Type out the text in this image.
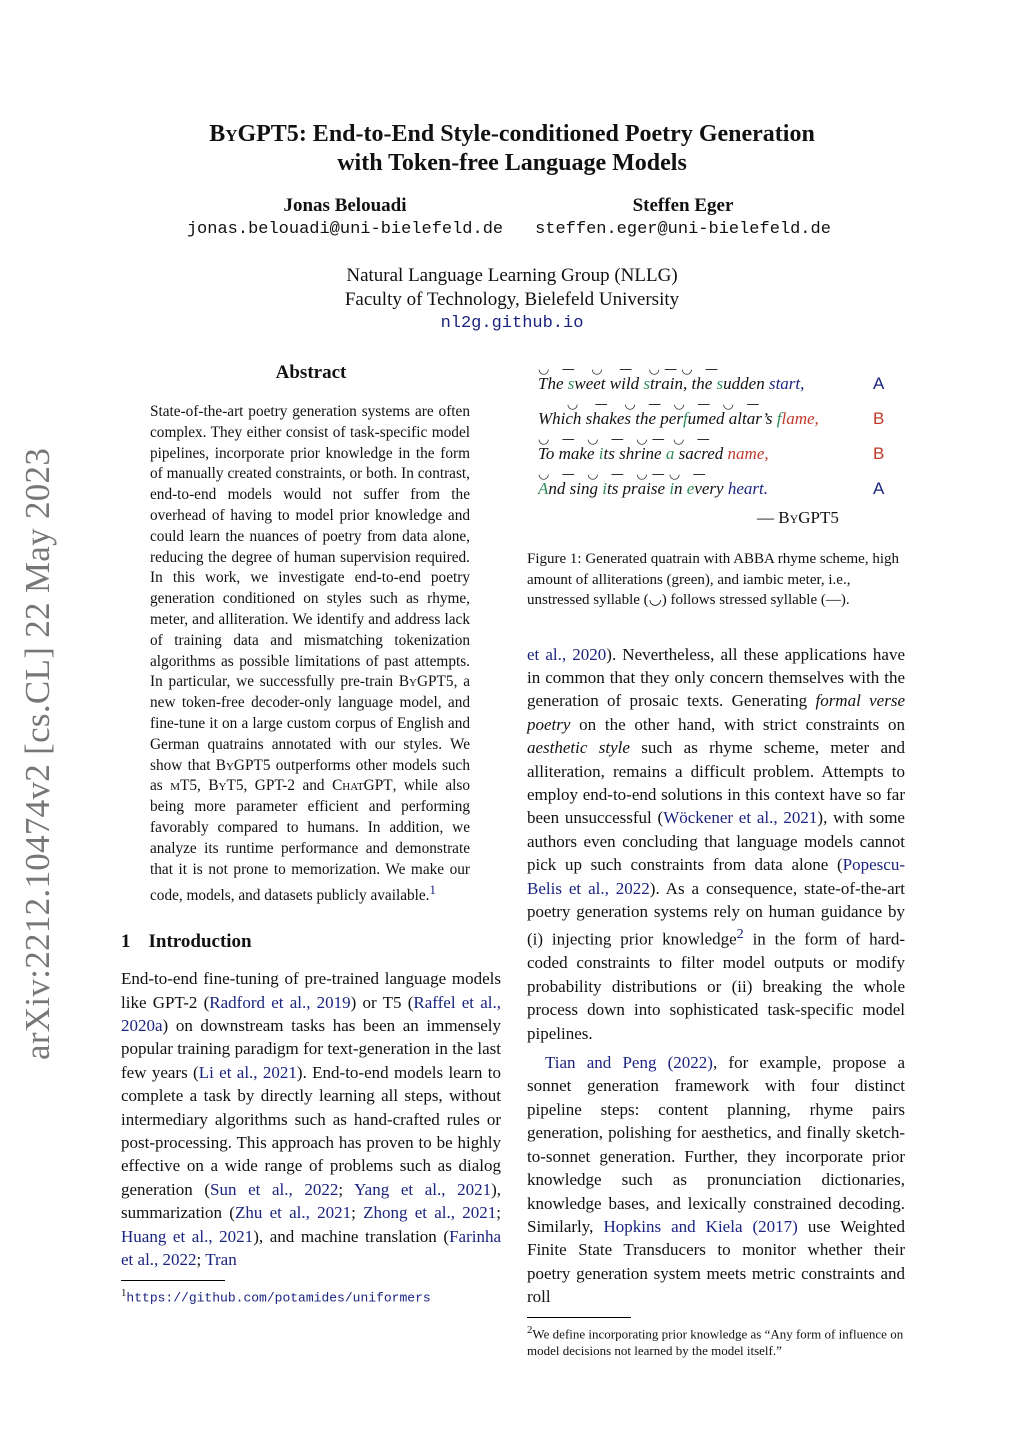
arXiv:2212.10474v2 [cs.CL] 22 May 2023
ByGPT5: End-to-End Style-conditioned Poetry Generation
with Token-free Language Models
Jonas Belouadi
jonas.belouadi@uni-bielefeld.de
Steffen Eger
steffen.eger@uni-bielefeld.de
Natural Language Learning Group (NLLG)
Faculty of Technology, Bielefeld University
nl2g.github.io
Abstract
State-of-the-art poetry generation systems are often complex. They either consist of task-specific model pipelines, incorporate prior knowledge in the form of manually created constraints, or both. In contrast, end-to-end models would not suffer from the overhead of having to model prior knowledge and could learn the nuances of poetry from data alone, reducing the degree of human supervision required. In this work, we investigate end-to-end poetry generation conditioned on styles such as rhyme, meter, and alliteration. We identify and address lack of training data and mismatching tokenization algorithms as possible limitations of past attempts. In particular, we successfully pre-train ByGPT5, a new token-free decoder-only language model, and fine-tune it on a large custom corpus of English and German quatrains annotated with our styles. We show that ByGPT5 outperforms other models such as mT5, ByT5, GPT-2 and ChatGPT, while also being more parameter efficient and performing favorably compared to humans. In addition, we analyze its runtime performance and demonstrate that it is not prone to memorization. We make our code, models, and datasets publicly available.$^1$
1 Introduction

End-to-end fine-tuning of pre-trained language models like GPT-2 (Radford et al., 2019) or T5 (Raffel et al., 2020a) on downstream tasks has been an immensely popular training paradigm for text-generation in the last few years (Li et al., 2021). End-to-end models learn to complete a task by directly learning all steps, without intermediary algorithms such as hand-crafted rules or post-processing. This approach has proven to be highly effective on a wide range of problems such as dialog generation (Sun et al., 2022; Yang et al., 2021), summarization (Zhu et al., 2021; Zhong et al., 2021; Huang et al., 2021), and machine translation (Farinha et al., 2022; Tran

$^1$https://github.com/potamides/uniformers
◡   —    ◡    —    ◡ — ◡   —
The sweet wild strain, the sudden start,	A
◡    —    ◡   —   ◡   —   ◡   —
Which shakes the perfumed altar’s flame,	B
◡   —   ◡   —   ◡ —  ◡   —
To make its shrine a sacred name,	B
◡   —   ◡   —   ◡ — ◡   —
And sing its praise in every heart.	A
— ByGPT5
Figure 1: Generated quatrain with ABBA rhyme scheme, high amount of alliterations (green), and iambic meter, i.e., unstressed syllable (◡) follows stressed syllable (—).

et al., 2020). Nevertheless, all these applications have in common that they only concern themselves with the generation of prosaic texts. Generating formal verse poetry on the other hand, with strict constraints on aesthetic style such as rhyme scheme, meter and alliteration, remains a difficult problem. Attempts to employ end-to-end solutions in this context have so far been unsuccessful (Wöckener et al., 2021), with some authors even concluding that language models cannot pick up such constraints from data alone (Popescu-Belis et al., 2022). As a consequence, state-of-the-art poetry generation systems rely on human guidance by (i) injecting prior knowledge$^2$ in the form of hard-coded constraints to filter model outputs or modify probability distributions or (ii) breaking the whole process down into sophisticated task-specific model pipelines.

Tian and Peng (2022), for example, propose a sonnet generation framework with four distinct pipeline steps: content planning, rhyme pairs generation, polishing for aesthetics, and finally sketch-to-sonnet generation. Further, they incorporate prior knowledge such as pronunciation dictionaries, knowledge bases, and lexically constrained decoding. Similarly, Hopkins and Kiela (2017) use Weighted Finite State Transducers to monitor whether their poetry generation system meets metric constraints and roll

$^2$We define incorporating prior knowledge as “Any form of influence on model decisions not learned by the model itself.”
